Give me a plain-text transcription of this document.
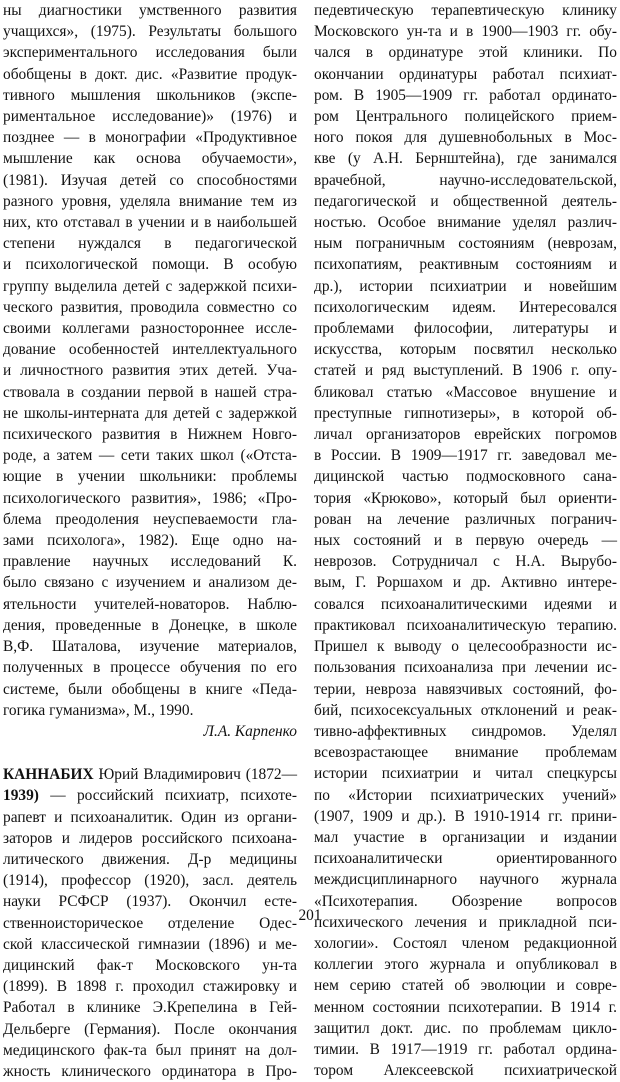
ны диагностики умственного развития

учащихся», (1975). Результаты большого

экспериментального исследования были

обобщены в докт. дис. «Развитие продук-

тивного мышления школьников (экспе-

риментальное исследование)» (1976) и

позднее — в монографии «Продуктивное

мышление как основа обучаемости»,

(1981). Изучая детей со способностями

разного уровня, уделяла внимание тем из

них, кто отставал в учении и в наибольшей

степени нуждался в педагогической

и психологической помощи. В особую

группу выделила детей с задержкой психи-

ческого развития, проводила совместно со

своими коллегами разностороннее иссле-

дование особенностей интеллектуального

и личностного развития этих детей. Уча-

ствовала в создании первой в нашей стра-

не школы-интерната для детей с задержкой

психического развития в Нижнем Новго-

роде, а затем — сети таких школ («Отста-

ющие в учении школьники: проблемы

психологического развития», 1986; «Про-

блема преодоления неуспеваемости гла-

зами психолога», 1982). Еще одно на-

правление научных исследований К.

было связано с изучением и анализом де-

ятельности учителей-новаторов. Наблю-

дения, проведенные в Донецке, в школе

В,Ф. Шаталова, изучение материалов,

полученных в процессе обучения по его

системе, были обобщены в книге «Педа-

гогика гуманизма», М., 1990.

Л.А. Карпенко

КАННАБИХ Юрий Владимирович (1872—

1939) — российский психиатр, психоте-

рапевт и психоаналитик. Один из органи-

заторов и лидеров российского психоана-

литического движения. Д-р медицины

(1914), профессор (1920), засл. деятель

науки РСФСР (1937). Окончил есте-

ственноисторическое отделение Одес-

ской классической гимназии (1896) и ме-

дицинский фак-т Московского ун-та

(1899). В 1898 г. проходил стажировку и

Работал в клинике Э.Крепелина в Гей-

Дельберге (Германия). После окончания

медицинского фак-та был принят на дол-

жность клинического ординатора в Про-

педевтическую терапевтическую клинику

Московского ун-та и в 1900—1903 гг. обу-

чался в ординатуре этой клиники. По

окончании ординатуры работал психиат-

ром. В 1905—1909 гг. работал ординато-

ром Центрального полицейского прием-

ного покоя для душевнобольных в Мос-

кве (у А.Н. Бернштейна), где занимался

врачебной, научно-исследовательской,

педагогической и общественной деятель-

ностью. Особое внимание уделял различ-

ным пограничным состояниям (неврозам,

психопатиям, реактивным состояниям и

др.), истории психиатрии и новейшим

психологическим идеям. Интересовался

проблемами философии, литературы и

искусства, которым посвятил несколько

статей и ряд выступлений. В 1906 г. опу-

бликовал статью «Массовое внушение и

преступные гипнотизеры», в которой об-

личал организаторов еврейских погромов

в России. В 1909—1917 гг. заведовал ме-

дицинской частью подмосковного сана-

тория «Крюково», который был ориенти-

рован на лечение различных погранич-

ных состояний и в первую очередь —

неврозов. Сотрудничал с Н.А. Вырубо-

вым, Г. Роршахом и др. Активно интере-

совался психоаналитическими идеями и

практиковал психоаналитическую терапию.

Пришел к выводу о целесообразности ис-

пользования психоанализа при лечении ис-

терии, невроза навязчивых состояний, фо-

бий, психосексуальных отклонений и реак-

тивно-аффективных синдромов. Уделял

всевозрастающее внимание проблемам

истории психиатрии и читал спецкурсы

по «Истории психиатрических учений»

(1907, 1909 и др.). В 1910-1914 гг. прини-

мал участие в организации и издании

психоаналитически ориентированного

междисциплинарного научного журнала

«Психотерапия. Обозрение вопросов

психического лечения и прикладной пси-

хологии». Состоял членом редакционной

коллегии этого журнала и опубликовал в

нем серию статей об эволюции и совре-

менном состоянии психотерапии. В 1914 г.

защитил докт. дис. по проблемам цикло-

тимии. В 1917—1919 гг. работал ордина-

тором Алексеевской психиатрической

201
